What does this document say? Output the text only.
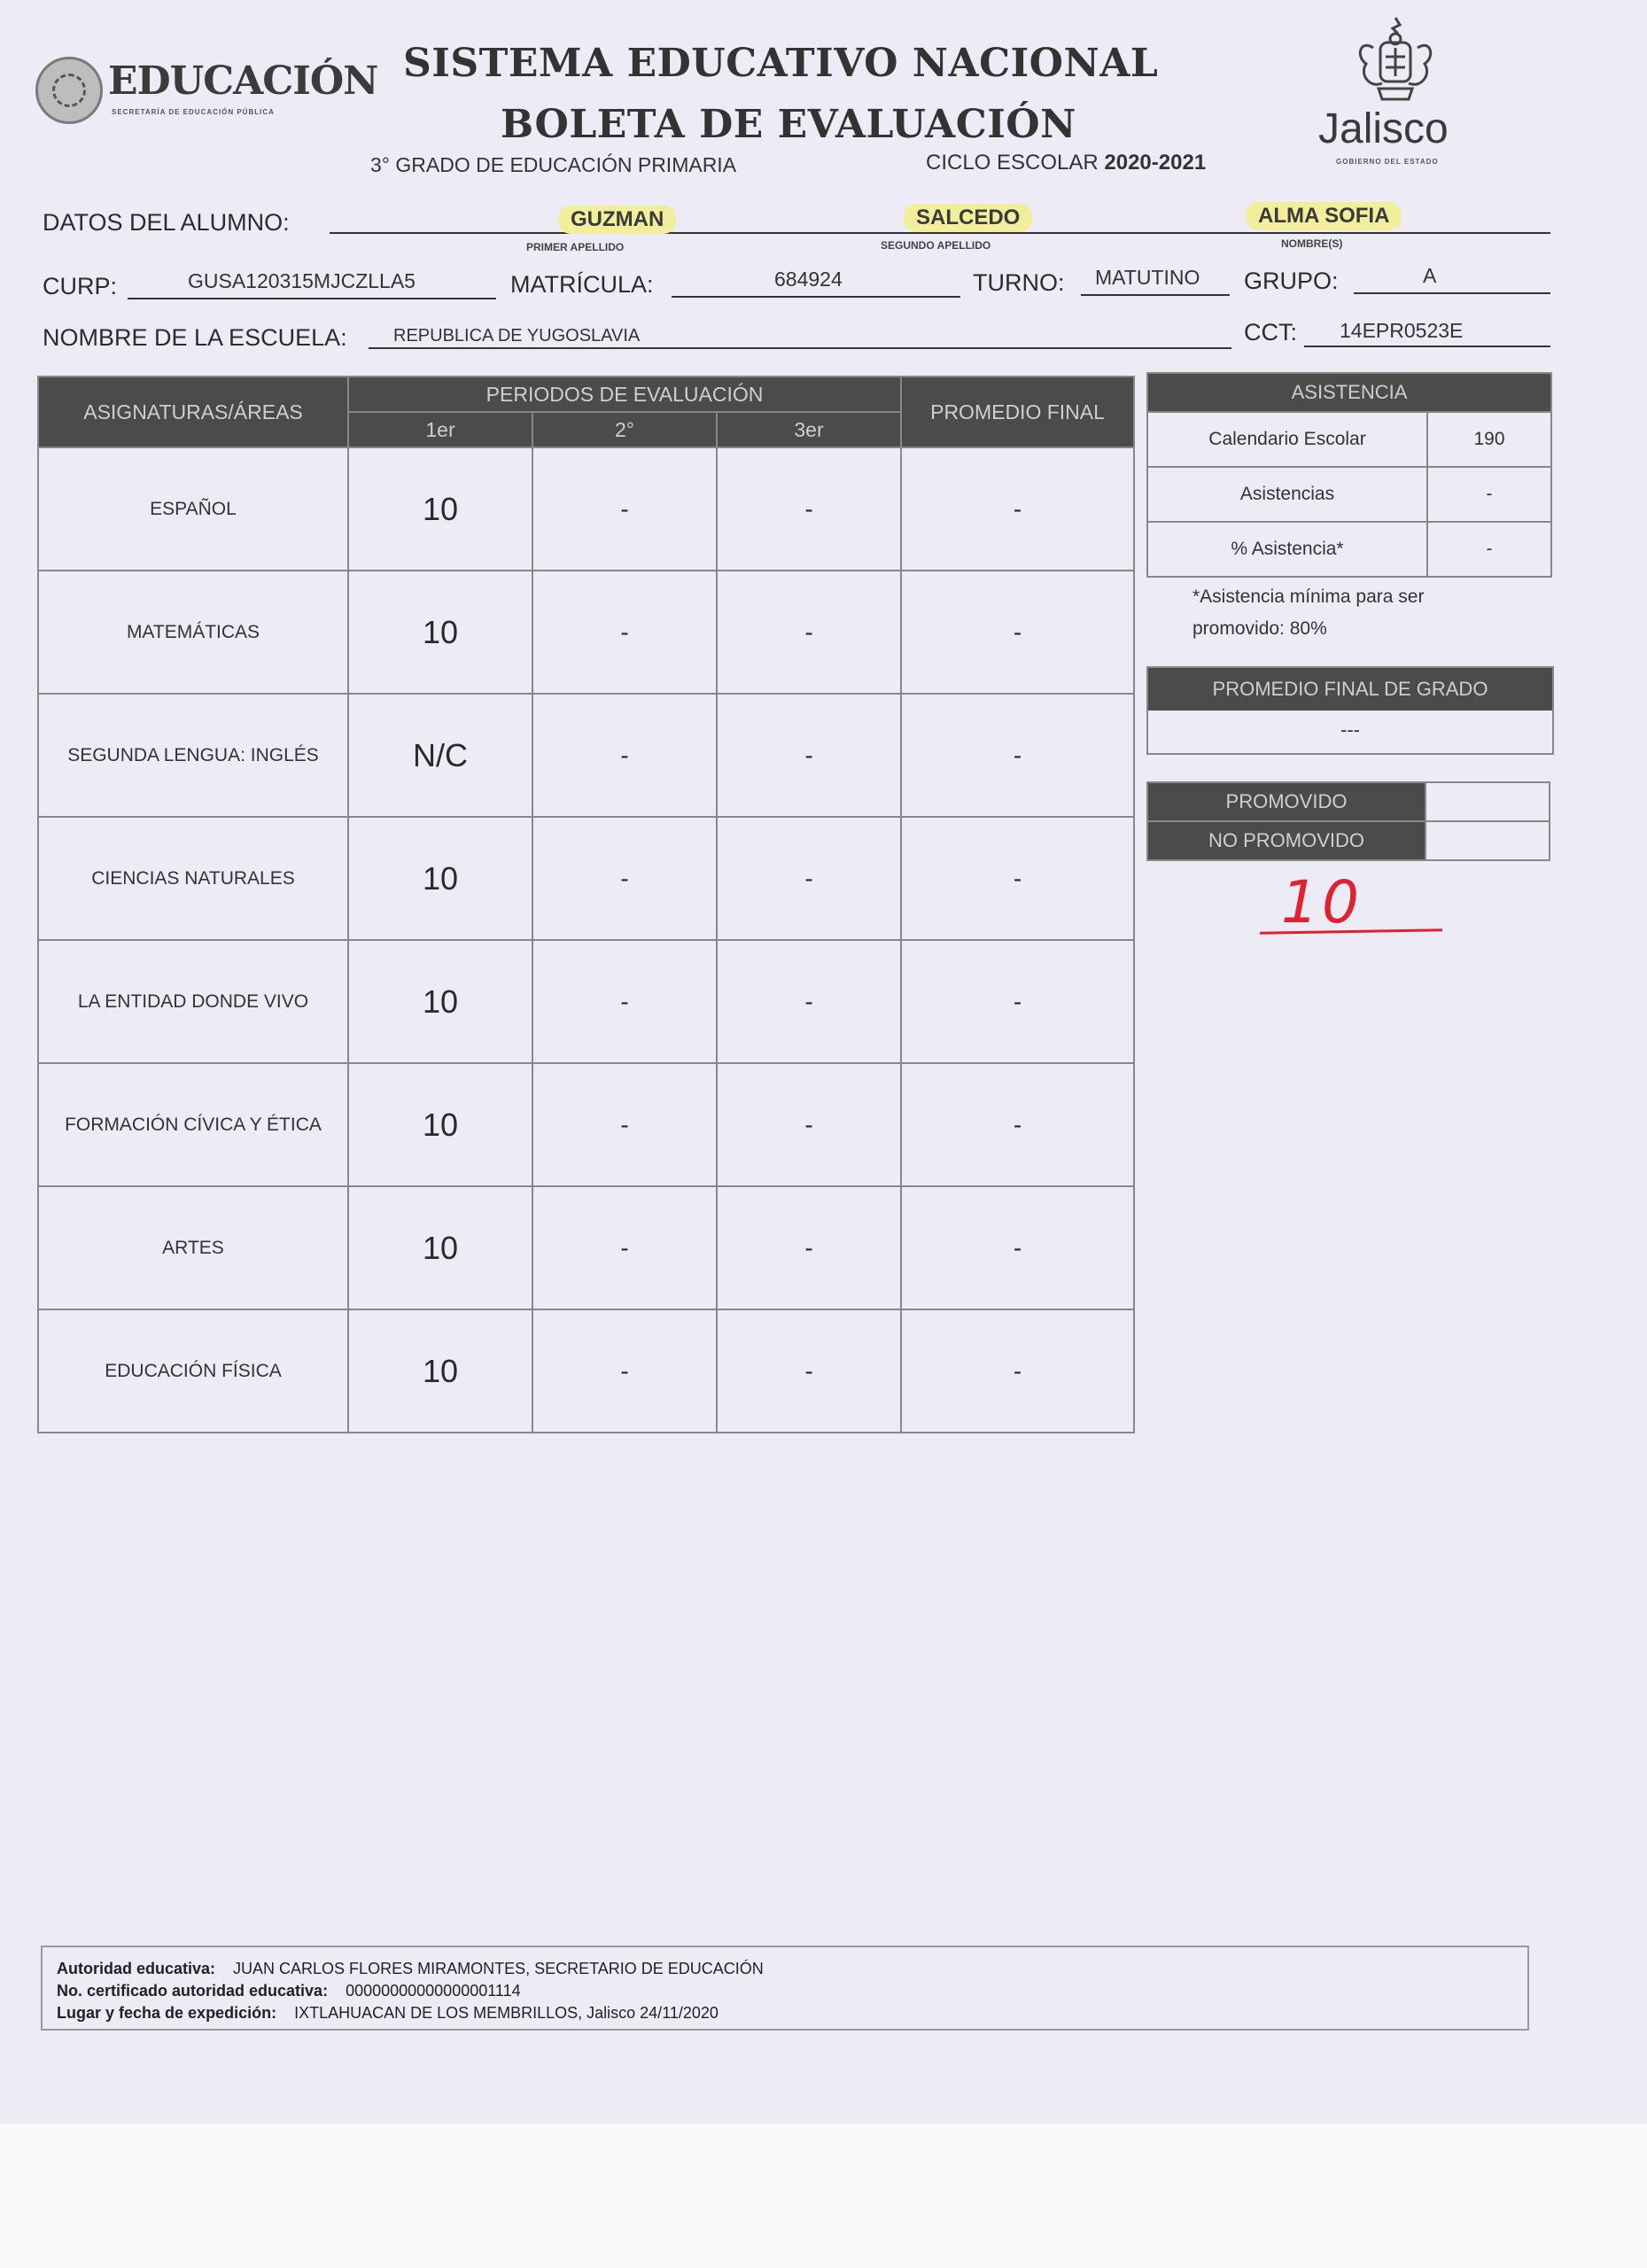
EDUCACIÓN
SECRETARÍA DE EDUCACIÓN PÚBLICA
SISTEMA EDUCATIVO NACIONAL
BOLETA DE EVALUACIÓN
3° GRADO DE EDUCACIÓN PRIMARIA	CICLO ESCOLAR 2020-2021
Jalisco
GOBIERNO DEL ESTADO
DATOS DEL ALUMNO:	GUZMAN
PRIMER APELLIDO
SALCEDO
SEGUNDO APELLIDO
ALMA SOFIA
NOMBRE(S)
CURP:	GUSA120315MJCZLLA5	MATRÍCULA:	684924	TURNO: MATUTINO GRUPO:	A
NOMBRE DE LA ESCUELA:	REPUBLICA DE YUGOSLAVIA	CCT: 14EPR0523E
ASIGNATURAS/ÁREAS	PERIODOS DE EVALUACIÓN			PROMEDIO FINAL
	1er	2°	3er	
ESPAÑOL	10	-	-	-
MATEMÁTICAS	10	-	-	-
SEGUNDA LENGUA: INGLÉS	N/C	-	-	-
CIENCIAS NATURALES	10	-	-	-
LA ENTIDAD DONDE VIVO	10	-	-	-
FORMACIÓN CÍVICA Y ÉTICA	10	-	-	-
ARTES	10	-	-	-
EDUCACIÓN FÍSICA	10	-	-	-
ASISTENCIA	
Calendario Escolar	190
Asistencias	-
% Asistencia*	-
*Asistencia mínima para ser promovido: 80%
PROMEDIO FINAL DE GRADO
---
PROMOVIDO	
NO PROMOVIDO	
10
Autoridad educativa: JUAN CARLOS FLORES MIRAMONTES, SECRETARIO DE EDUCACIÓN
No. certificado autoridad educativa: 00000000000000001114
Lugar y fecha de expedición: IXTLAHUACAN DE LOS MEMBRILLOS, Jalisco 24/11/2020
